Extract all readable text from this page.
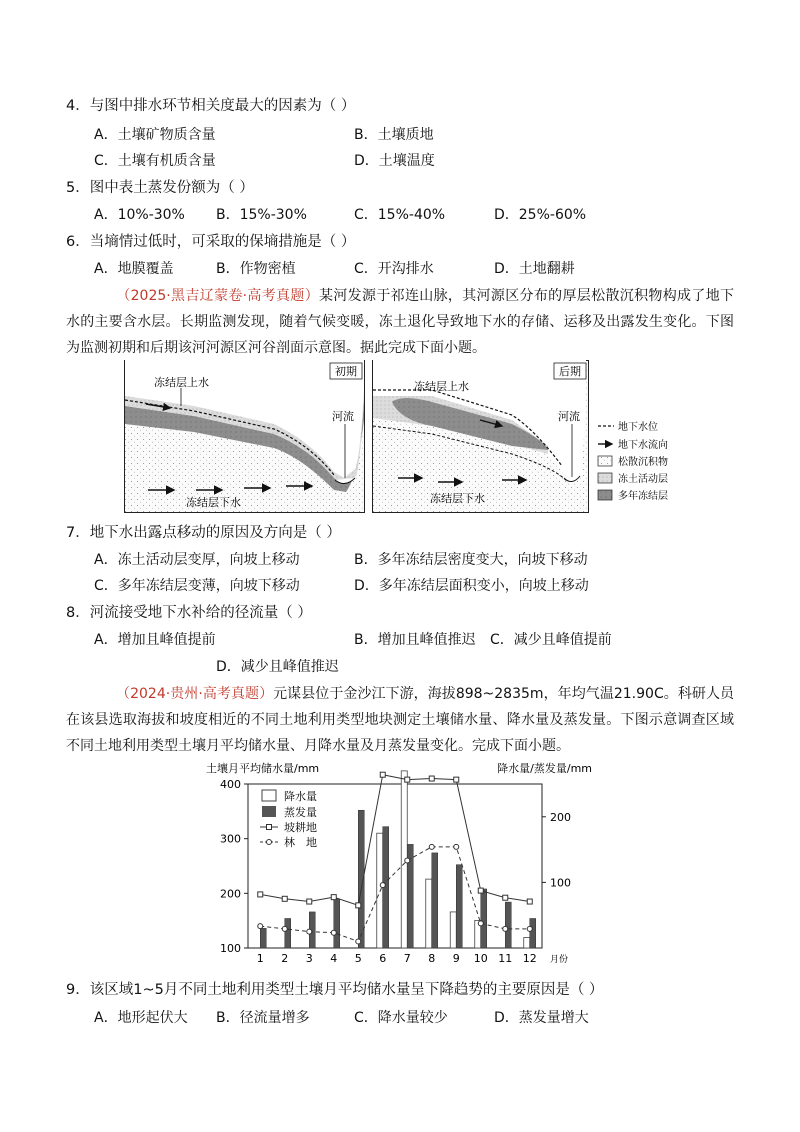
4．与图中排水环节相关度最大的因素为（ ）
A．土壤矿物质含量	B．土壤质地
C．土壤有机质含量	D．土壤温度
5．图中表土蒸发份额为（ ）
A．10%-30% B．15%-30%	C．15%-40%	D．25%-60%
6．当墒情过低时，可采取的保墒措施是（ ）
A．地膜覆盖	B．作物密植	C．开沟排水	D．土地翻耕
（2025·黑吉辽蒙卷·高考真题）某河发源于祁连山脉，其河源区分布的厚层松散沉积物构成了地下水的主要含水层。长期监测发现，随着气候变暖，冻土退化导致地下水的存储、运移及出露发生变化。下图为监测初期和后期该河河源区河谷剖面示意图。据此完成下面小题。
初期
冻结层上水
河流
冻结层下水
后期
冻结层上水
河流
冻结层下水
地下水位
地下水流向
松散沉积物
冻土活动层
多年冻结层
7．地下水出露点移动的原因及方向是（ ）
A．冻土活动层变厚，向坡上移动	B．多年冻结层密度变大，向坡下移动
C．多年冻结层变薄，向坡下移动	D．多年冻结层面积变小，向坡上移动
8．河流接受地下水补给的径流量（ ）
A．增加且峰值提前	B．增加且峰值推迟 C．减少且峰值提前
D．减少且峰值推迟
（2024·贵州·高考真题）元谋县位于金沙江下游，海拔898~2835m，年均气温21.90C。科研人员在该县选取海拔和坡度相近的不同土地利用类型地块测定土壤储水量、降水量及蒸发量。下图示意调查区域不同土地利用类型土壤月平均储水量、月降水量及月蒸发量变化。完成下面小题。
土壤月平均储水量/mm	降水量/蒸发量/mm
100
200
300
400
100
200
1 2 3 4 5 6 7 8 9 10 11 12 月份
降水量
蒸发量
坡耕地
林　地
9．该区域1~5月不同土地利用类型土壤月平均储水量呈下降趋势的主要原因是（ ）
A．地形起伏大 B．径流量增多	C．降水量较少	D．蒸发量增大
